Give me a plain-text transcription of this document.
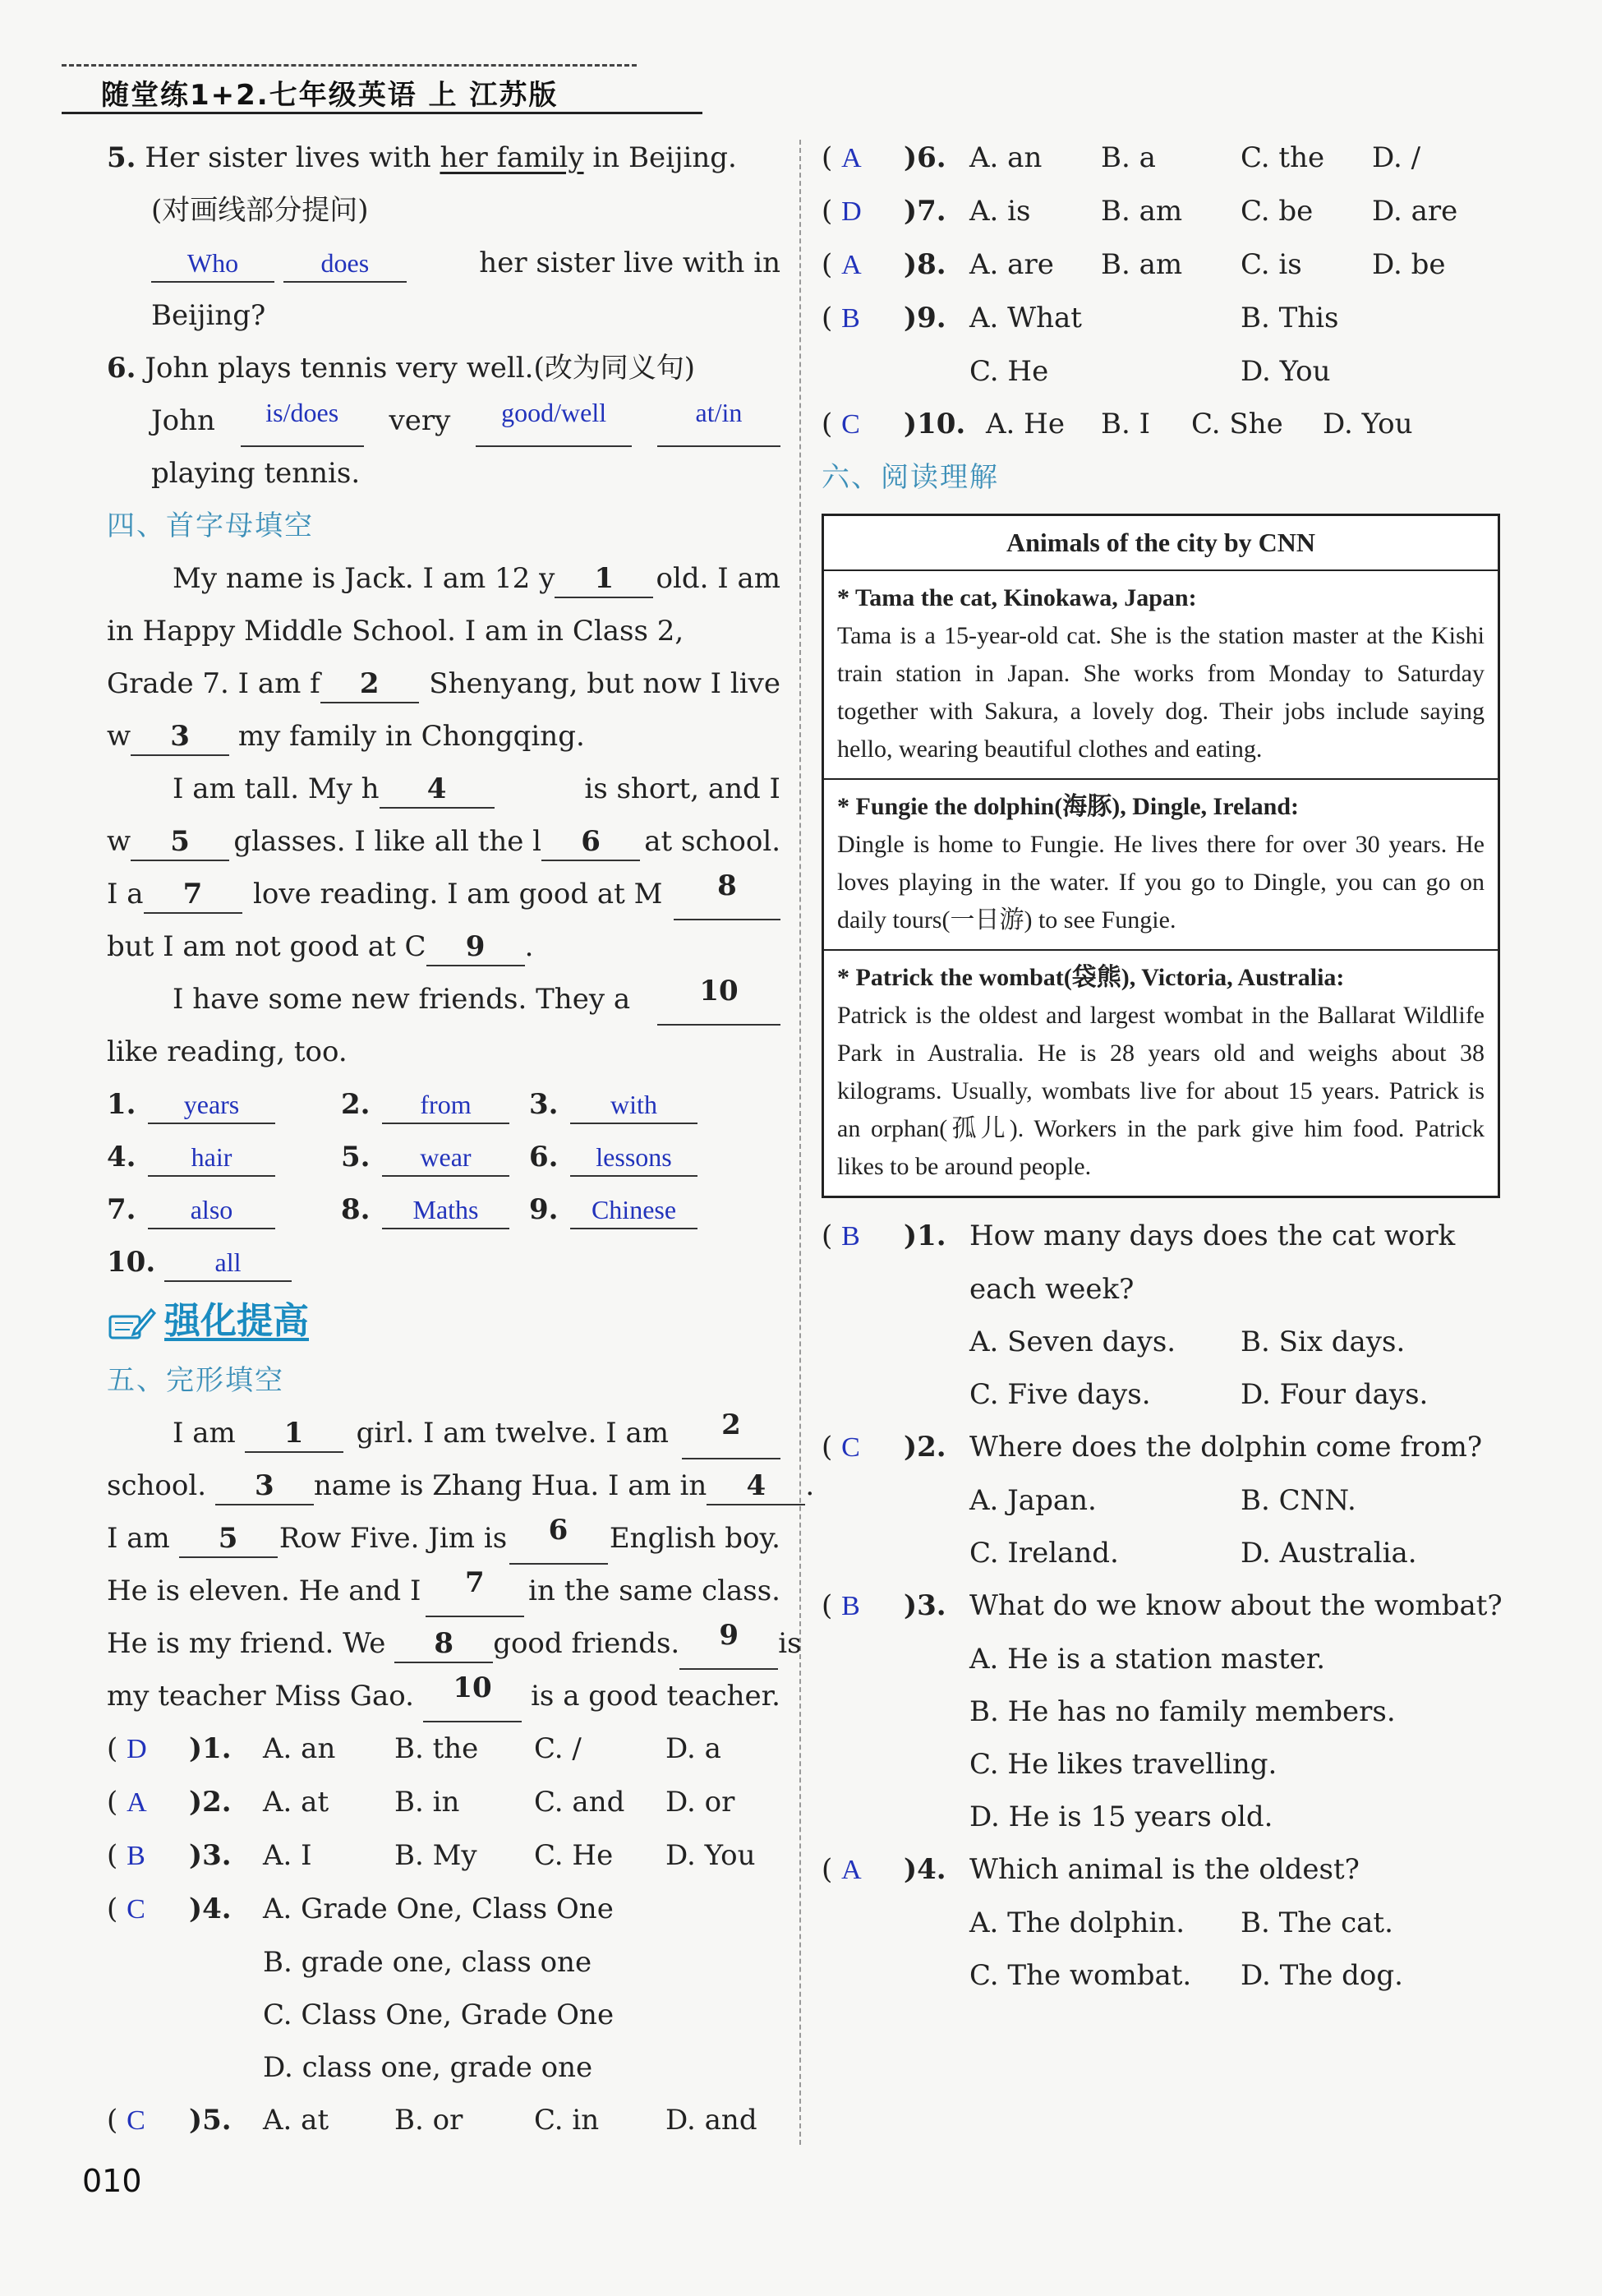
随堂练1+2.七年级英语 上 江苏版
5. Her sister lives with her family in Beijing.
(对画线部分提问)
Who	does	her sister live with in
Beijing?
6. John plays tennis very well.(改为同义句)
John	is/does	very	good/well	at/in
playing tennis.
四、首字母填空
My name is Jack. I am 12 y 1	old. I am
in Happy Middle School. I am in Class 2,
Grade 7. I am f 2	Shenyang, but now I live
w 3 my family in Chongqing.
I am tall. My h 4	is short, and I
w 5	glasses. I like all the l 6	at school.
I a 7	love reading. I am good at M	8
but I am not good at C 9 .
I have some new friends. They a	10
like reading, too.
1. years	2. from 3. with
4. hair	5. wear 6. lessons
7. also	8. Maths 9. Chinese
10. all
强化提高
五、完形填空
I am 1	girl. I am twelve. I am	2
school. 3	name is Zhang Hua. I am in	4 .
I am 5	Row Five. Jim is	6	English boy.
He is eleven. He and I	7	in the same class.
He is my friend. We 8	good friends.	9	is
my teacher Miss Gao.	10	is a good teacher.
( D )1. A. an B. the C. /	D. a
( A )2. A. at B. in	C. and D. or
( B )3. A. I	B. My C. He D. You
( C )4. A. Grade One, Class One
B. grade one, class one
C. Class One, Grade One
D. class one, grade one
( C )5. A. at B. or	C. in D. and
( A )6. A. an B. a	C. the D. /
( D )7. A. is	B. am C. be D. are
( A )8. A. are B. am C. is	D. be
( B )9. A. What	B. This
C. He	D. You
( C )10. A. He B. I C. She D. You
六、阅读理解
Animals of the city by CNN
* Tama the cat, Kinokawa, Japan:
Tama is a 15-year-old cat. She is the station master at the Kishi train station in Japan. She works from Monday to Saturday together with Sakura, a lovely dog. Their jobs include saying hello, wearing beautiful clothes and eating.
* Fungie the dolphin(海豚), Dingle, Ireland:
Dingle is home to Fungie. He lives there for over 30 years. He loves playing in the water. If you go to Dingle, you can go on daily tours(一日游) to see Fungie.
* Patrick the wombat(袋熊), Victoria, Australia:
Patrick is the oldest and largest wombat in the Ballarat Wildlife Park in Australia. He is 28 years old and weighs about 38 kilograms. Usually, wombats live for about 15 years. Patrick is an orphan(孤儿). Workers in the park give him food. Patrick likes to be around people.
( B )1. How many days does the cat work
each week?
A. Seven days. B. Six days.
C. Five days.	D. Four days.
( C )2. Where does the dolphin come from?
A. Japan.	B. CNN.
C. Ireland.	D. Australia.
( B )3. What do we know about the wombat?
A. He is a station master.
B. He has no family members.
C. He likes travelling.
D. He is 15 years old.
( A )4. Which animal is the oldest?
A. The dolphin. B. The cat.
C. The wombat. D. The dog.
010
